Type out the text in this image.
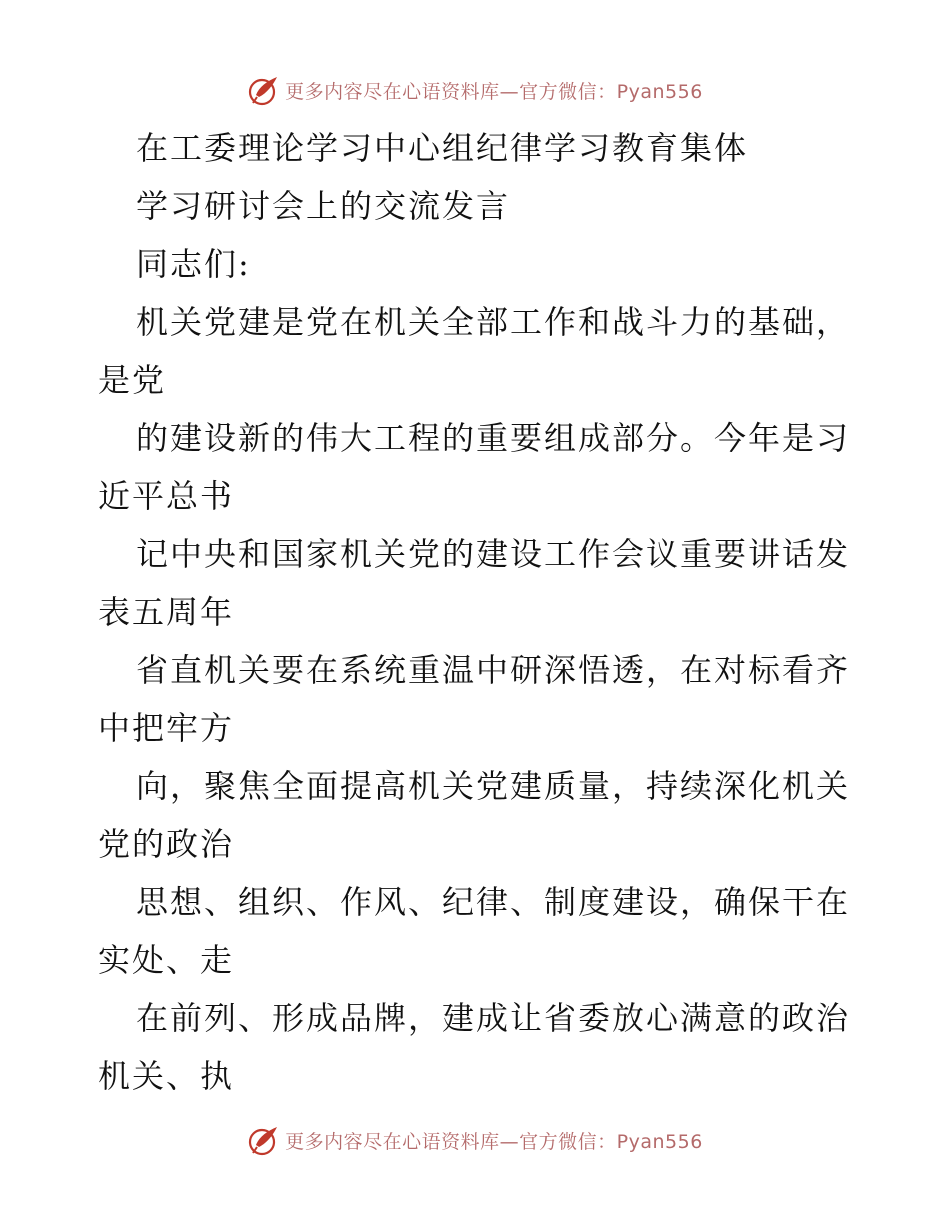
更多内容尽在心语资料库—官方微信：Pyan556
在工委理论学习中心组纪律学习教育集体
学习研讨会上的交流发言
同志们:
机关党建是党在机关全部工作和战斗力的基础，
是党
的建设新的伟大工程的重要组成部分。今年是习
近平总书
记中央和国家机关党的建设工作会议重要讲话发
表五周年
省直机关要在系统重温中研深悟透，在对标看齐
中把牢方
向，聚焦全面提高机关党建质量，持续深化机关
党的政治
思想、组织、作风、纪律、制度建设，确保干在
实处、走
在前列、形成品牌，建成让省委放心满意的政治
机关、执
更多内容尽在心语资料库—官方微信：Pyan556
